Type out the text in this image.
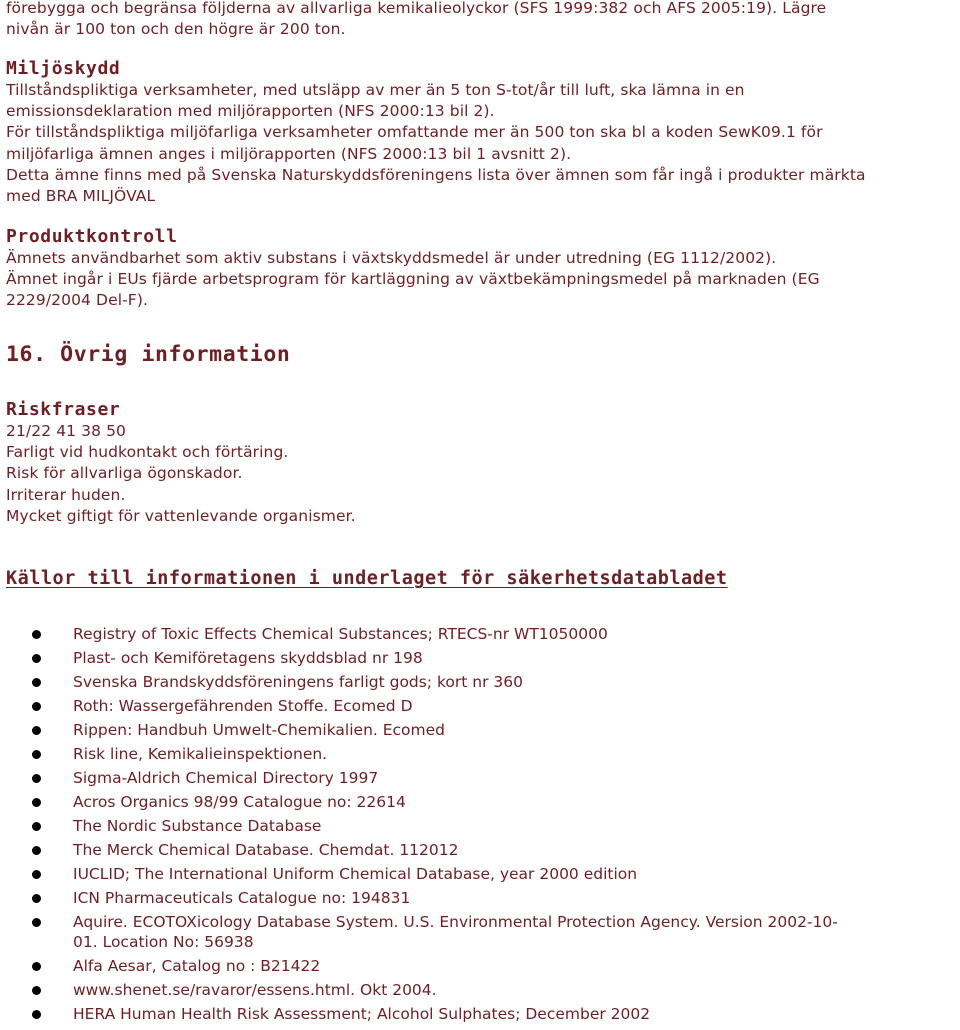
förebygga och begränsa följderna av allvarliga kemikalieolyckor (SFS 1999:382 och AFS 2005:19). Lägre

nivån är 100 ton och den högre är 200 ton.

Miljöskydd

Tillståndspliktiga verksamheter, med utsläpp av mer än 5 ton S-tot/år till luft, ska lämna in en

emissionsdeklaration med miljörapporten (NFS 2000:13 bil 2).

För tillståndspliktiga miljöfarliga verksamheter omfattande mer än 500 ton ska bl a koden SewK09.1 för

miljöfarliga ämnen anges i miljörapporten (NFS 2000:13 bil 1 avsnitt 2).

Detta ämne finns med på Svenska Naturskyddsföreningens lista över ämnen som får ingå i produkter märkta

med BRA MILJÖVAL

Produktkontroll

Ämnets användbarhet som aktiv substans i växtskyddsmedel är under utredning (EG 1112/2002).

Ämnet ingår i EUs fjärde arbetsprogram för kartläggning av växtbekämpningsmedel på marknaden (EG

2229/2004 Del-F).

16. Övrig information
Riskfraser

21/22 41 38 50

Farligt vid hudkontakt och förtäring.

Risk för allvarliga ögonskador.

Irriterar huden.

Mycket giftigt för vattenlevande organismer.

Källor till informationen i underlaget för säkerhetsdatabladet
Registry of Toxic Effects Chemical Substances; RTECS-nr WT1050000
Plast- och Kemiföretagens skyddsblad nr 198
Svenska Brandskyddsföreningens farligt gods; kort nr 360
Roth: Wassergefährenden Stoffe. Ecomed D
Rippen: Handbuh Umwelt-Chemikalien. Ecomed
Risk line, Kemikalieinspektionen.
Sigma-Aldrich Chemical Directory 1997
Acros Organics 98/99 Catalogue no: 22614
The Nordic Substance Database
The Merck Chemical Database. Chemdat. 112012
IUCLID; The International Uniform Chemical Database, year 2000 edition
ICN Pharmaceuticals Catalogue no: 194831
Aquire. ECOTOXicology Database System. U.S. Environmental Protection Agency. Version 2002-10-
01. Location No: 56938
Alfa Aesar, Catalog no : B21422
www.shenet.se/ravaror/essens.html. Okt 2004.
HERA Human Health Risk Assessment; Alcohol Sulphates; December 2002
